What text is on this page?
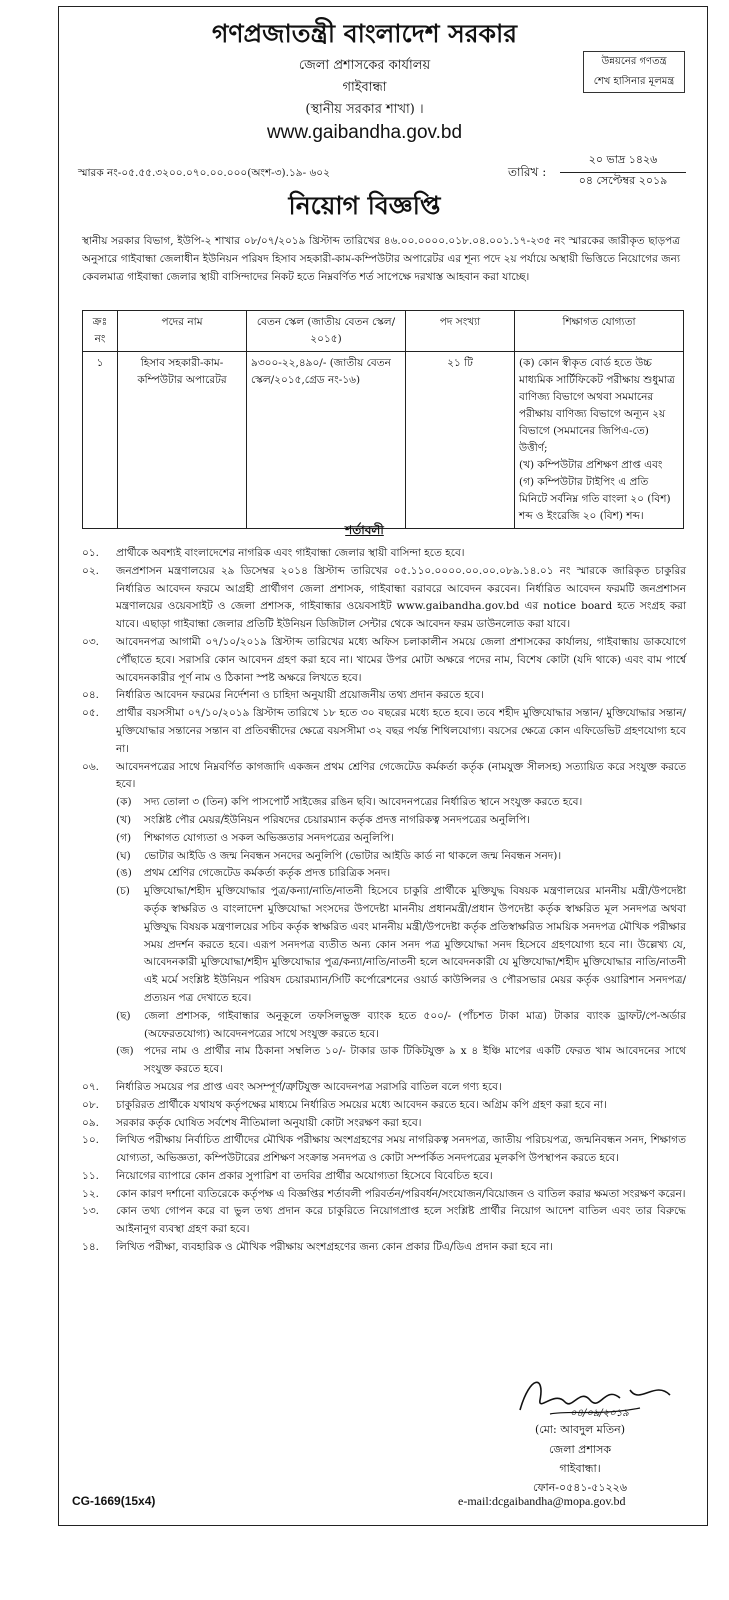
গণপ্রজাতন্ত্রী বাংলাদেশ সরকার
জেলা প্রশাসকের কার্যালয়
গাইবান্ধা
(স্থানীয় সরকার শাখা) ।
www.gaibandha.gov.bd
উন্নয়নের গণতন্ত্র
শেখ হাসিনার মূলমন্ত্র
স্মারক নং-০৫.৫৫.৩২০০.০৭০.০০.০০০(অংশ-৩).১৯- ৬০২	তারিখ :
২০ ভাদ্র ১৪২৬
০৪ সেপ্টেম্বর ২০১৯
নিয়োগ বিজ্ঞপ্তি
স্থানীয় সরকার বিভাগ, ইউপি-২ শাখার ০৮/০৭/২০১৯ খ্রিস্টাব্দ তারিখের ৪৬.০০.০০০০.০১৮.০৪.০০১.১৭-২৩৫ নং স্মারকের জারীকৃত ছাড়পত্র অনুসারে গাইবান্ধা জেলাধীন ইউনিয়ন পরিষদ হিসাব সহকারী-কাম-কম্পিউটার অপারেটর এর শূন্য পদে ২য় পর্যায়ে অস্থায়ী ভিত্তিতে নিয়োগের জন্য কেবলমাত্র গাইবান্ধা জেলার স্থায়ী বাসিন্দাদের নিকট হতে নিম্নবর্ণিত শর্ত সাপেক্ষে দরখাস্ত আহবান করা যাচ্ছে।
ক্রঃ নং	পদের নাম	বেতন স্কেল (জাতীয় বেতন স্কেল/২০১৫)	পদ সংখ্যা	শিক্ষাগত যোগ্যতা
১	হিসাব সহকারী-কাম-কম্পিউটার অপারেটর	৯৩০০-২২,৪৯০/- (জাতীয় বেতন স্কেল/২০১৫,গ্রেড নং-১৬)	২১ টি	(ক) কোন স্বীকৃত বোর্ড হতে উচ্চ মাধ্যমিক সার্টিফিকেট পরীক্ষায় শুধুমাত্র বাণিজ্য বিভাগে অথবা সমমানের পরীক্ষায় বাণিজ্য বিভাগে অন্যূন ২য় বিভাগে (সমমানের জিপিএ-তে) উত্তীর্ণ;
(খ) কম্পিউটার প্রশিক্ষণ প্রাপ্ত এবং
(গ) কম্পিউটার টাইপিং এ প্রতি মিনিটে সর্বনিম্ন গতি বাংলা ২০ (বিশ) শব্দ ও ইংরেজি ২০ (বিশ) শব্দ।
শর্তাবলী
০১.	প্রার্থীকে অবশ্যই বাংলাদেশের নাগরিক এবং গাইবান্ধা জেলার স্থায়ী বাসিন্দা হতে হবে।
০২.	জনপ্রশাসন মন্ত্রণালয়ের ২৯ ডিসেম্বর ২০১৪ খ্রিস্টাব্দ তারিখের ০৫.১১০.০০০০.০০.০০.০৮৯.১৪.০১ নং স্মারকে জারিকৃত চাকুরির নির্ধারিত আবেদন ফরমে আগ্রহী প্রার্থীগণ জেলা প্রশাসক, গাইবান্ধা বরাবরে আবেদন করবেন। নির্ধারিত আবেদন ফরমটি জনপ্রশাসন মন্ত্রণালয়ের ওয়েবসাইট ও জেলা প্রশাসক, গাইবান্ধার ওয়েবসাইট www.gaibandha.gov.bd এর notice board হতে সংগ্রহ করা যাবে। এছাড়া গাইবান্ধা জেলার প্রতিটি ইউনিয়ন ডিজিটাল সেন্টার থেকে আবেদন ফরম ডাউনলোড করা যাবে।
০৩.	আবেদনপত্র আগামী ০৭/১০/২০১৯ খ্রিস্টাব্দ তারিখের মধ্যে অফিস চলাকালীন সময়ে জেলা প্রশাসকের কার্যালয়, গাইবান্ধায় ডাকযোগে পৌঁছাতে হবে। সরাসরি কোন আবেদন গ্রহণ করা হবে না। খামের উপর মোটা অক্ষরে পদের নাম, বিশেষ কোটা (যদি থাকে) এবং বাম পার্শ্বে আবেদনকারীর পূর্ণ নাম ও ঠিকানা স্পষ্ট অক্ষরে লিখতে হবে।
০৪.	নির্ধারিত আবেদন ফরমের নির্দেশনা ও চাহিদা অনুযায়ী প্রয়োজনীয় তথ্য প্রদান করতে হবে।
০৫.	প্রার্থীর বয়সসীমা ০৭/১০/২০১৯ খ্রিস্টাব্দ তারিখে ১৮ হতে ৩০ বছরের মধ্যে হতে হবে। তবে শহীদ মুক্তিযোদ্ধার সন্তান/ মুক্তিযোদ্ধার সন্তান/মুক্তিযোদ্ধার সন্তানের সন্তান বা প্রতিবন্ধীদের ক্ষেত্রে বয়সসীমা ৩২ বছর পর্যন্ত শিথিলযোগ্য। বয়সের ক্ষেত্রে কোন এফিডেভিট গ্রহণযোগ্য হবে না।
০৬.	আবেদনপত্রের সাথে নিম্নবর্ণিত কাগজাদি একজন প্রথম শ্রেণির গেজেটেড কর্মকর্তা কর্তৃক (নামযুক্ত সীলসহ) সত্যায়িত করে সংযুক্ত করতে হবে।
(ক)	সদ্য তোলা ৩ (তিন) কপি পাসপোর্ট সাইজের রঙিন ছবি। আবেদনপত্রের নির্ধারিত স্থানে সংযুক্ত করতে হবে।
(খ)	সংশ্লিষ্ট পৌর মেয়র/ইউনিয়ন পরিষদের চেয়ারম্যান কর্তৃক প্রদত্ত নাগরিকত্ব সনদপত্রের অনুলিপি।
(গ)	শিক্ষাগত যোগ্যতা ও সকল অভিজ্ঞতার সনদপত্রের অনুলিপি।
(ঘ)	ভোটার আইডি ও জন্ম নিবন্ধন সনদের অনুলিপি (ভোটার আইডি কার্ড না থাকলে জন্ম নিবন্ধন সনদ)।
(ঙ)	প্রথম শ্রেণির গেজেটেড কর্মকর্তা কর্তৃক প্রদত্ত চারিত্রিক সনদ।
(চ)	মুক্তিযোদ্ধা/শহীদ মুক্তিযোদ্ধার পুত্র/কন্যা/নাতি/নাতনী হিসেবে চাকুরি প্রার্থীকে মুক্তিযুদ্ধ বিষয়ক মন্ত্রণালয়ের মাননীয় মন্ত্রী/উপদেষ্টা কর্তৃক স্বাক্ষরিত ও বাংলাদেশ মুক্তিযোদ্ধা সংসদের উপদেষ্টা মাননীয় প্রধানমন্ত্রী/প্রধান উপদেষ্টা কর্তৃক স্বাক্ষরিত মূল সনদপত্র অথবা মুক্তিযুদ্ধ বিষয়ক মন্ত্রণালয়ের সচিব কর্তৃক স্বাক্ষরিত এবং মাননীয় মন্ত্রী/উপদেষ্টা কর্তৃক প্রতিস্বাক্ষরিত সাময়িক সনদপত্র মৌখিক পরীক্ষার সময় প্রদর্শন করতে হবে। এরূপ সনদপত্র ব্যতীত অন্য কোন সনদ পত্র মুক্তিযোদ্ধা সনদ হিসেবে গ্রহণযোগ্য হবে না। উল্লেখ্য যে, আবেদনকারী মুক্তিযোদ্ধা/শহীদ মুক্তিযোদ্ধার পুত্র/কন্যা/নাতি/নাতনী হলে আবেদনকারী যে মুক্তিযোদ্ধা/শহীদ মুক্তিযোদ্ধার নাতি/নাতনী এই মর্মে সংশ্লিষ্ট ইউনিয়ন পরিষদ চেয়ারম্যান/সিটি কর্পোরেশনের ওয়ার্ড কাউন্সিলর ও পৌরসভার মেয়র কর্তৃক ওয়ারিশান সনদপত্র/প্রত্যয়ন পত্র দেখাতে হবে।
(ছ)	জেলা প্রশাসক, গাইবান্ধার অনুকূলে তফসিলভুক্ত ব্যাংক হতে ৫০০/- (পাঁচশত টাকা মাত্র) টাকার ব্যাংক ড্রাফট/পে-অর্ডার (অফেরতযোগ্য) আবেদনপত্রের সাথে সংযুক্ত করতে হবে।
(জ) পদের নাম ও প্রার্থীর নাম ঠিকানা সম্বলিত ১০/- টাকার ডাক টিকিটযুক্ত ৯ x ৪ ইঞ্চি মাপের একটি ফেরত খাম আবেদনের সাথে সংযুক্ত করতে হবে।
০৭.	নির্ধারিত সময়ের পর প্রাপ্ত এবং অসম্পূর্ণ/ত্রুটিযুক্ত আবেদনপত্র সরাসরি বাতিল বলে গণ্য হবে।
০৮.	চাকুরিরত প্রার্থীকে যথাযথ কর্তৃপক্ষের মাধ্যমে নির্ধারিত সময়ের মধ্যে আবেদন করতে হবে। অগ্রিম কপি গ্রহণ করা হবে না।
০৯.	সরকার কর্তৃক ঘোষিত সর্বশেষ নীতিমালা অনুযায়ী কোটা সংরক্ষণ করা হবে।
১০.	লিখিত পরীক্ষায় নির্বাচিত প্রার্থীদের মৌখিক পরীক্ষায় অংশগ্রহণের সময় নাগরিকত্ব সনদপত্র, জাতীয় পরিচয়পত্র, জন্মনিবন্ধন সনদ, শিক্ষাগত যোগ্যতা, অভিজ্ঞতা, কম্পিউটারের প্রশিক্ষণ সংক্রান্ত সনদপত্র ও কোটা সম্পর্কিত সনদপত্রের মূলকপি উপস্থাপন করতে হবে।
১১.	নিয়োগের ব্যাপারে কোন প্রকার সুপারিশ বা তদবির প্রার্থীর অযোগ্যতা হিসেবে বিবেচিত হবে।
১২.	কোন কারণ দর্শানো ব্যতিরেকে কর্তৃপক্ষ এ বিজ্ঞপ্তির শর্তাবলী পরিবর্তন/পরিবর্ধন/সংযোজন/বিয়োজন ও বাতিল করার ক্ষমতা সংরক্ষণ করেন।
১৩.	কোন তথ্য গোপন করে বা ভুল তথ্য প্রদান করে চাকুরিতে নিয়োগপ্রাপ্ত হলে সংশ্লিষ্ট প্রার্থীর নিয়োগ আদেশ বাতিল এবং তার বিরুদ্ধে আইনানুগ ব্যবস্থা গ্রহণ করা হবে।
১৪.	লিখিত পরীক্ষা, ব্যবহারিক ও মৌখিক পরীক্ষায় অংশগ্রহণের জন্য কোন প্রকার টিএ/ডিএ প্রদান করা হবে না।
০৪/০৯/২০১৯
(মো: আবদুল মতিন)
জেলা প্রশাসক
গাইবান্ধা।
ফোন-০৫৪১-৫১২২৬
CG-1669(15x4)	e-mail:dcgaibandha@mopa.gov.bd
